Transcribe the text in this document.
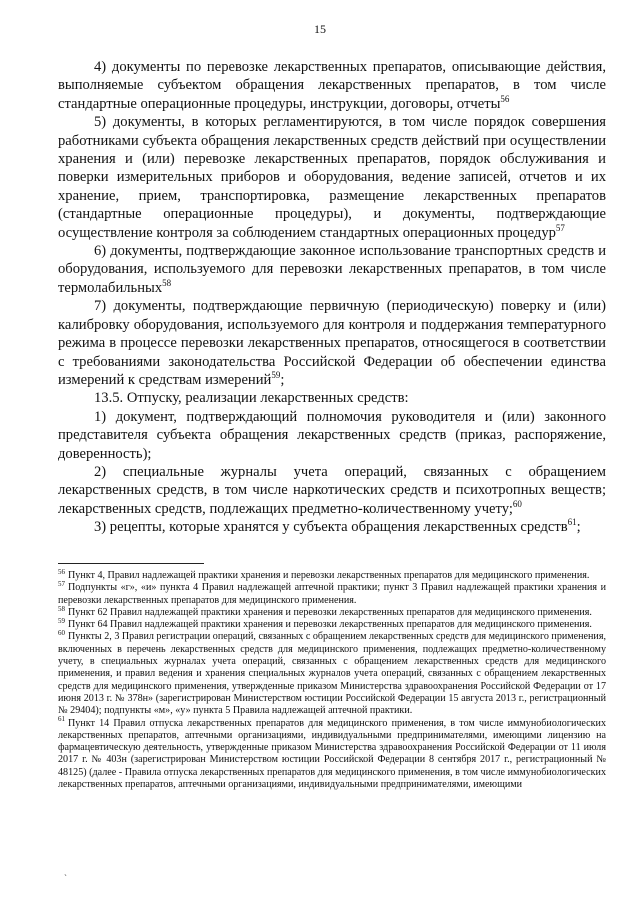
15

4) документы по перевозке лекарственных препаратов, описывающие действия, выполняемые субъектом обращения лекарственных препаратов, в том числе стандартные операционные процедуры, инструкции, договоры, отчеты$^{56}$

5) документы, в которых регламентируются, в том числе порядок совершения работниками субъекта обращения лекарственных средств действий при осуществлении хранения и (или) перевозке лекарственных препаратов, порядок обслуживания и поверки измерительных приборов и оборудования, ведение записей, отчетов и их хранение, прием, транспортировка, размещение лекарственных препаратов (стандартные операционные процедуры), и документы, подтверждающие осуществление контроля за соблюдением стандартных операционных процедур$^{57}$

6) документы, подтверждающие законное использование транспортных средств и оборудования, используемого для перевозки лекарственных препаратов, в том числе термолабильных$^{58}$

7) документы, подтверждающие первичную (периодическую) поверку и (или) калибровку оборудования, используемого для контроля и поддержания температурного режима в процессе перевозки лекарственных препаратов, относящегося в соответствии с требованиями законодательства Российской Федерации об обеспечении единства измерений к средствам измерений$^{59}$;

13.5. Отпуску, реализации лекарственных средств:

1) документ, подтверждающий полномочия руководителя и (или) законного представителя субъекта обращения лекарственных средств (приказ, распоряжение, доверенность);

2) специальные журналы учета операций, связанных с обращением лекарственных средств, в том числе наркотических средств и психотропных веществ; лекарственных средств, подлежащих предметно-количественному учету;$^{60}$

3) рецепты, которые хранятся у субъекта обращения лекарственных средств$^{61}$;

$^{56}$ Пункт 4, Правил надлежащей практики хранения и перевозки лекарственных препаратов для медицинского применения.

$^{57}$ Подпункты «г», «и» пункта 4 Правил надлежащей аптечной практики; пункт 3 Правил надлежащей практики хранения и перевозки лекарственных препаратов для медицинского применения.

$^{58}$ Пункт 62 Правил надлежащей практики хранения и перевозки лекарственных препаратов для медицинского применения.

$^{59}$ Пункт 64 Правил надлежащей практики хранения и перевозки лекарственных препаратов для медицинского применения.

$^{60}$ Пункты 2, 3 Правил регистрации операций, связанных с обращением лекарственных средств для медицинского применения, включенных в перечень лекарственных средств для медицинского применения, подлежащих предметно-количественному учету, в специальных журналах учета операций, связанных с обращением лекарственных средств для медицинского применения, и правил ведения и хранения специальных журналов учета операций, связанных с обращением лекарственных средств для медицинского применения, утвержденные приказом Министерства здравоохранения Российской Федерации от 17 июня 2013 г. № 378н» (зарегистрирован Министерством юстиции Российской Федерации 15 августа 2013 г., регистрационный № 29404); подпункты «м», «у» пункта 5 Правила надлежащей аптечной практики.

$^{61}$ Пункт 14 Правил отпуска лекарственных препаратов для медицинского применения, в том числе иммунобиологических лекарственных препаратов, аптечными организациями, индивидуальными предпринимателями, имеющими лицензию на фармацевтическую деятельность, утвержденные приказом Министерства здравоохранения Российской Федерации от 11 июля 2017 г. № 403н (зарегистрирован Министерством юстиции Российской Федерации 8 сентября 2017 г., регистрационный № 48125) (далее - Правила отпуска лекарственных препаратов для медицинского применения, в том числе иммунобиологических лекарственных препаратов, аптечными организациями, индивидуальными предпринимателями, имеющими

ˎ
